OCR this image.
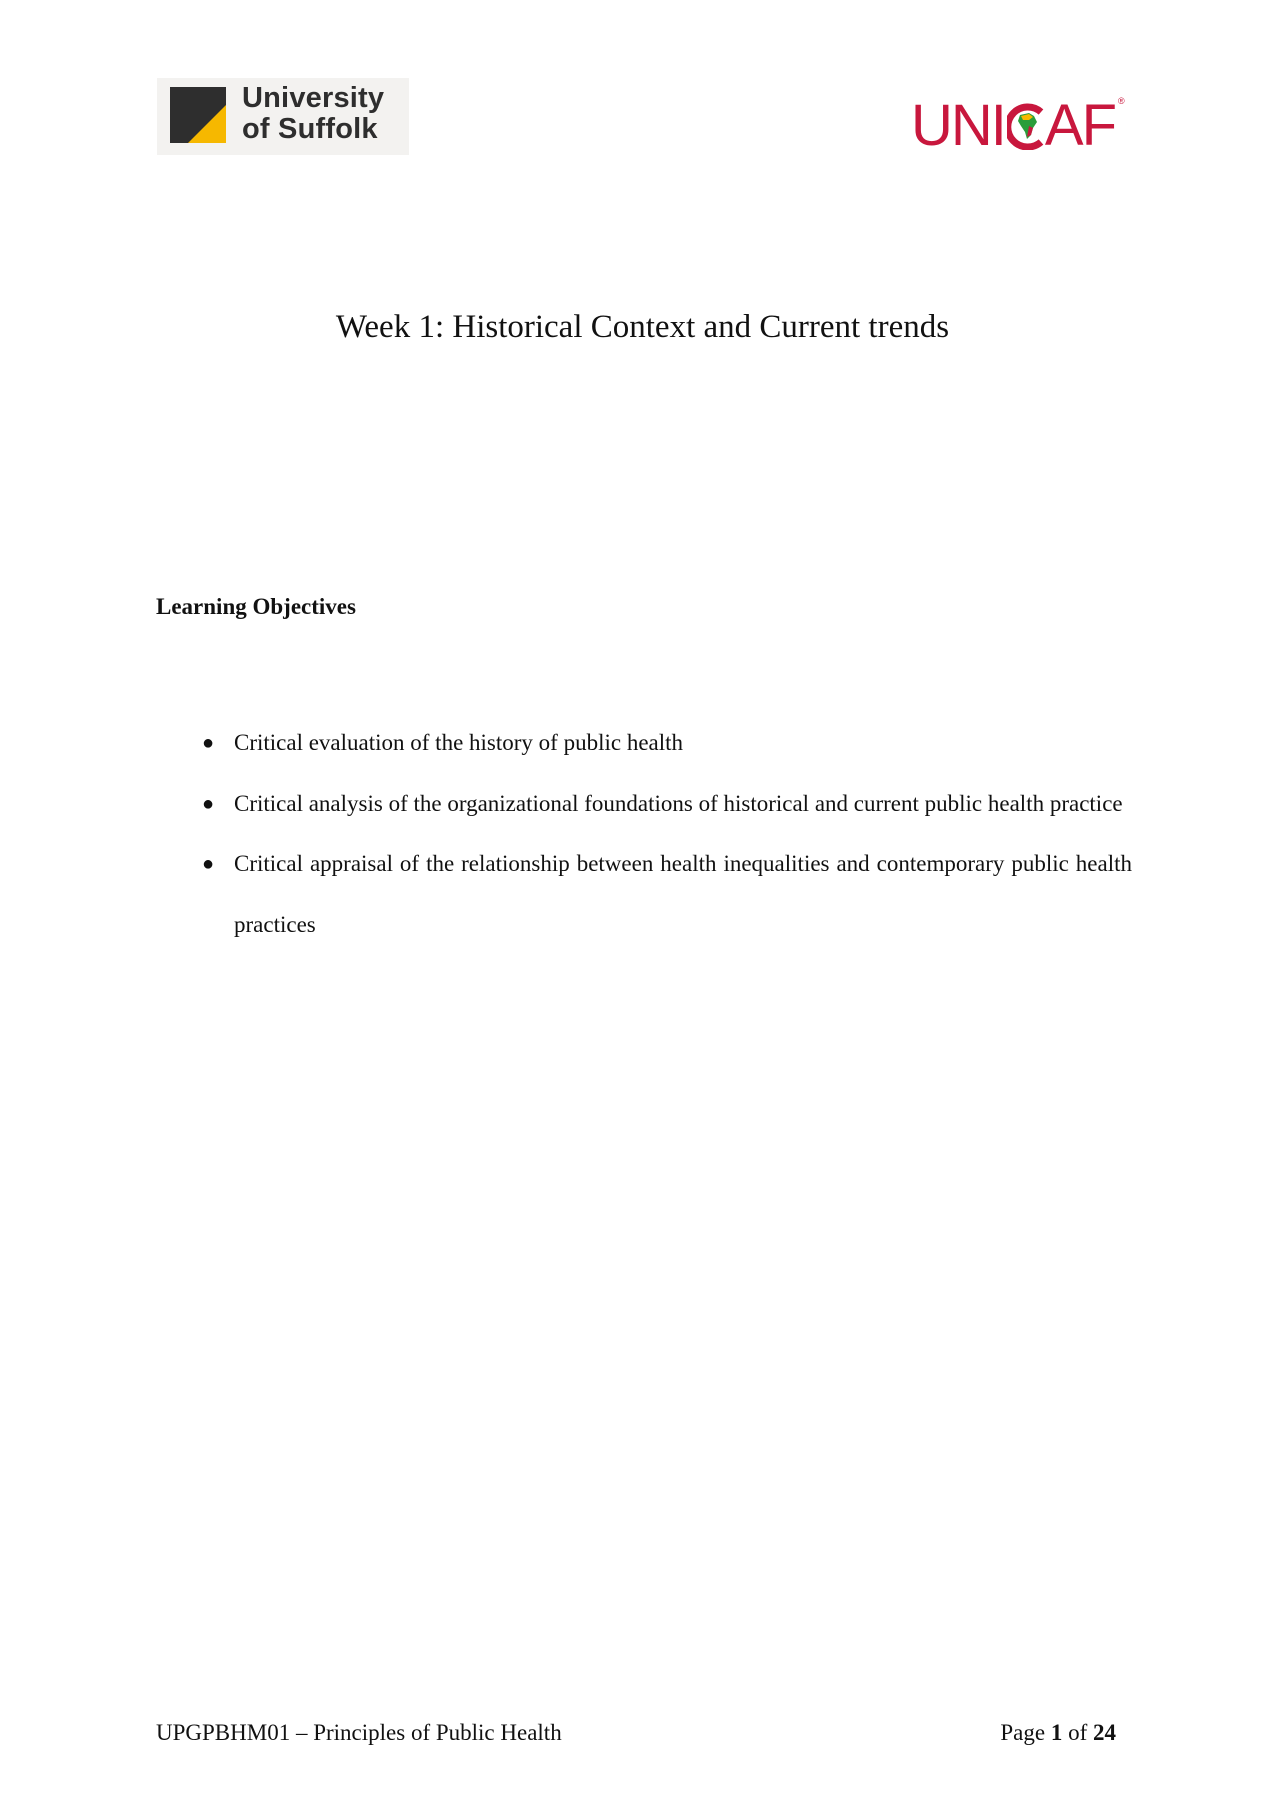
University
of Suffolk	UNI AF ®
Week 1: Historical Context and Current trends
Learning Objectives
● Critical evaluation of the history of public health
● Critical analysis of the organizational foundations of historical and current public health practice
● Critical appraisal of the relationship between health inequalities and contemporary public health practices
UPGPBHM01 – Principles of Public Health	Page 1 of 24
